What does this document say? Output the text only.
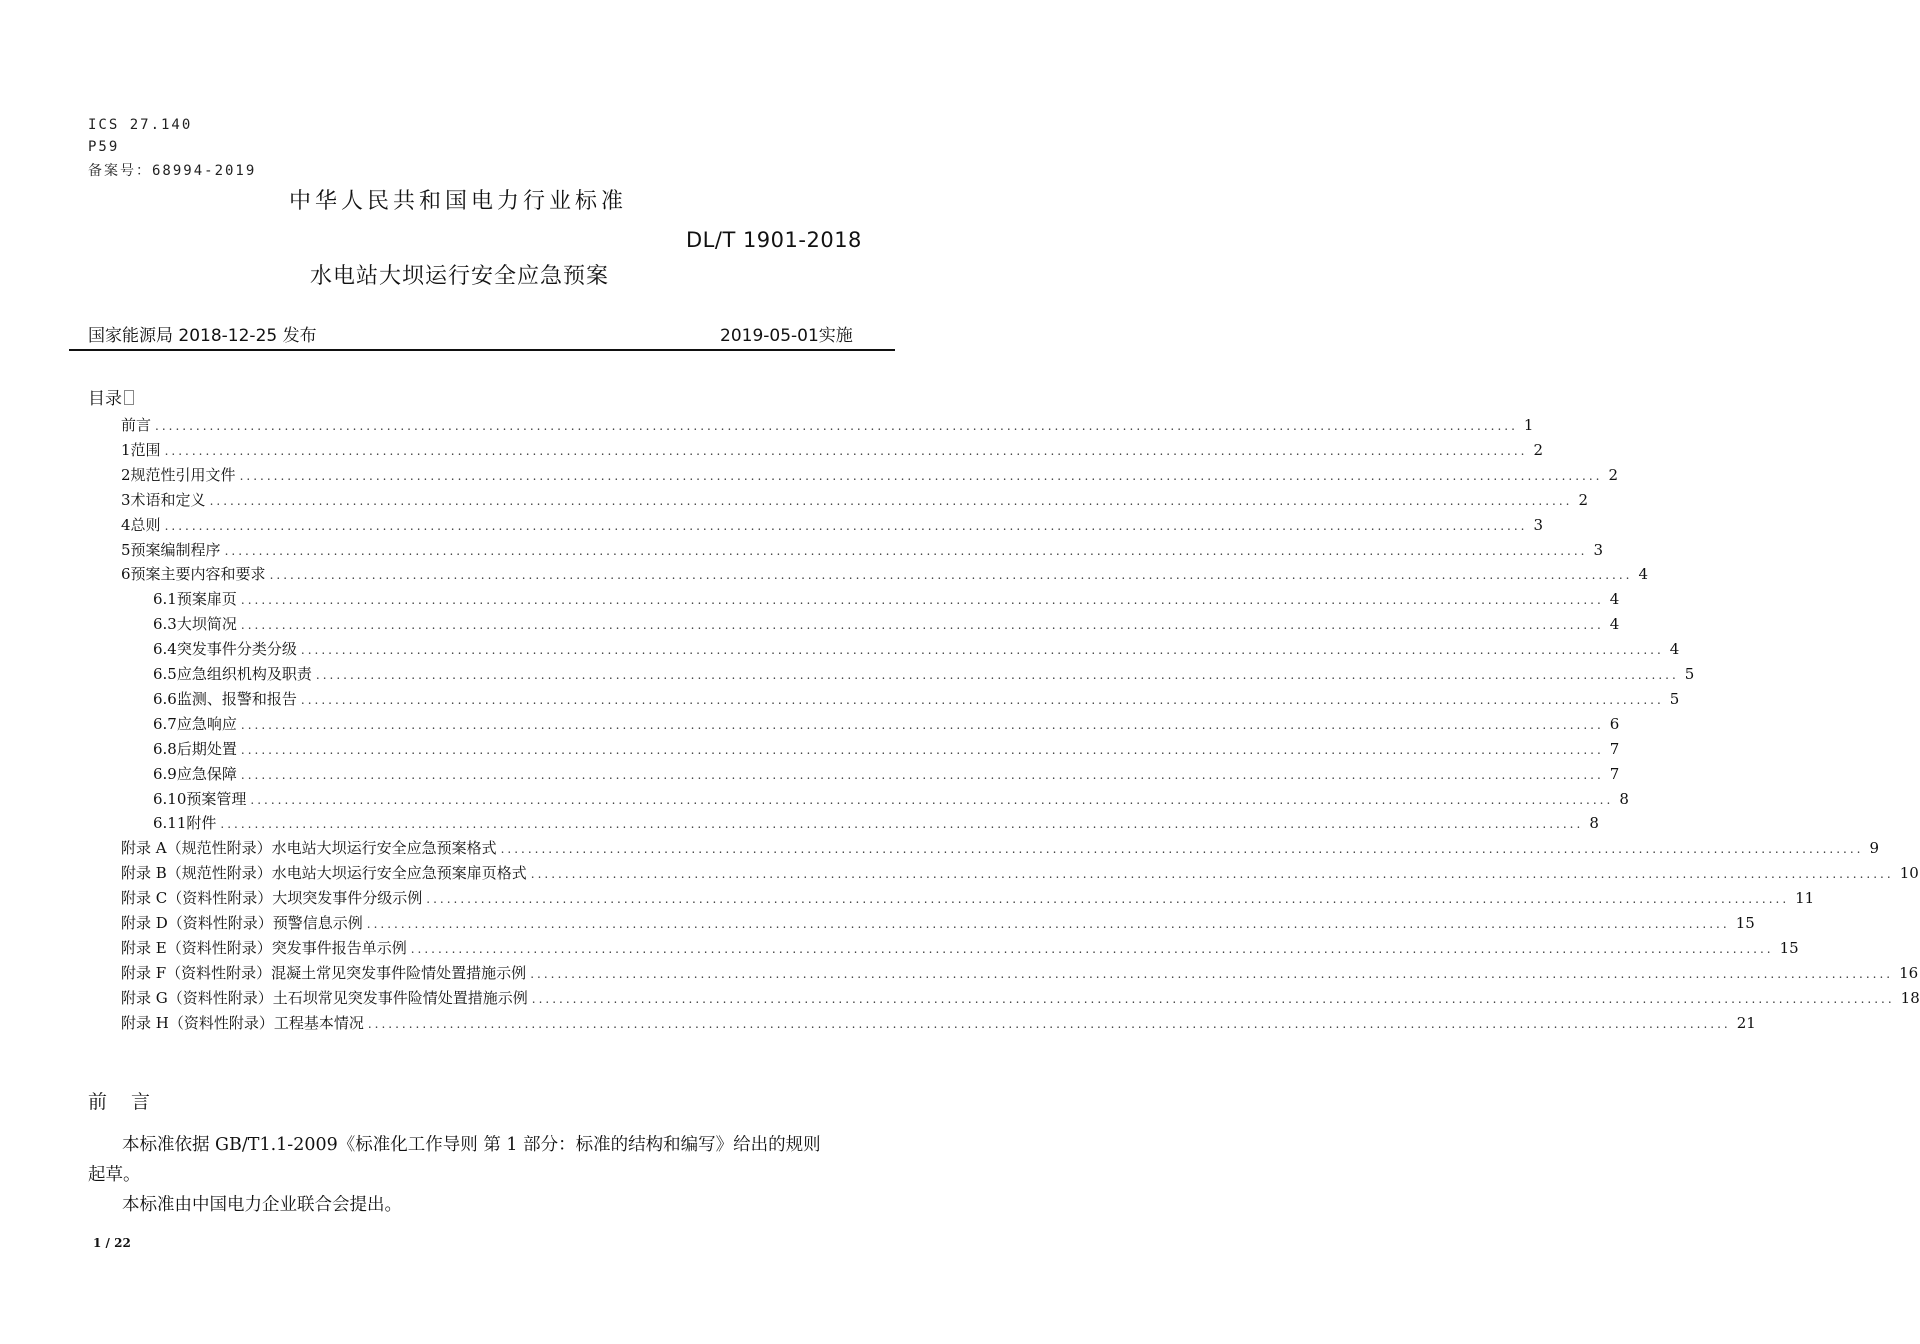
ICS 27.140
P59
备案号：68994-2019
中华人民共和国电力行业标准
DL/T 1901-2018
水电站大坝运行安全应急预案
国家能源局 2018-12-25 发布	2019-05-01实施
目录
前 言 ........................................................................................................................................................................................................ 1
1 范围 ........................................................................................................................................................................................................ 2
2 规范性引用文件 ........................................................................................................................................................................................................ 2
3 术语和定义 ........................................................................................................................................................................................................ 2
4 总则 ........................................................................................................................................................................................................ 3
5 预案编制程序 ........................................................................................................................................................................................................ 3
6 预案主要内容和要求 ........................................................................................................................................................................................................ 4
6.1 预案扉页 ........................................................................................................................................................................................................ 4
6.3 大坝简况 ........................................................................................................................................................................................................ 4
6.4 突发事件分类分级 ........................................................................................................................................................................................................ 4
6.5 应急组织机构及职责 ........................................................................................................................................................................................................ 5
6.6 监测、报警和报告 ........................................................................................................................................................................................................ 5
6.7 应急响应 ........................................................................................................................................................................................................ 6
6.8 后期处置 ........................................................................................................................................................................................................ 7
6.9 应急保障 ........................................................................................................................................................................................................ 7
6.10 预案管理 ........................................................................................................................................................................................................ 8
6.11 附件 ........................................................................................................................................................................................................ 8
附录 A（规范性附录）水电站大坝运行安全应急预案格式 ........................................................................................................................................................................................................ 9
附录 B（规范性附录）水电站大坝运行安全应急预案扉页格式 ........................................................................................................................................................................................................ 10
附录 C（资料性附录）大坝突发事件分级示例 ........................................................................................................................................................................................................ 11
附录 D（资料性附录）预警信息示例 ........................................................................................................................................................................................................ 15
附录 E（资料性附录）突发事件报告单示例 ........................................................................................................................................................................................................ 15
附录 F（资料性附录）混凝土常见突发事件险情处置措施示例 ........................................................................................................................................................................................................ 16
附录 G（资料性附录）土石坝常见突发事件险情处置措施示例 ........................................................................................................................................................................................................ 18
附录 H（资料性附录）工程基本情况 ........................................................................................................................................................................................................ 21
前言
本标准依据 GB/T1.1-2009《标准化工作导则 第 1 部分：标准的结构和编写》给出的规则
起草。
本标准由中国电力企业联合会提出。
1 / 22
